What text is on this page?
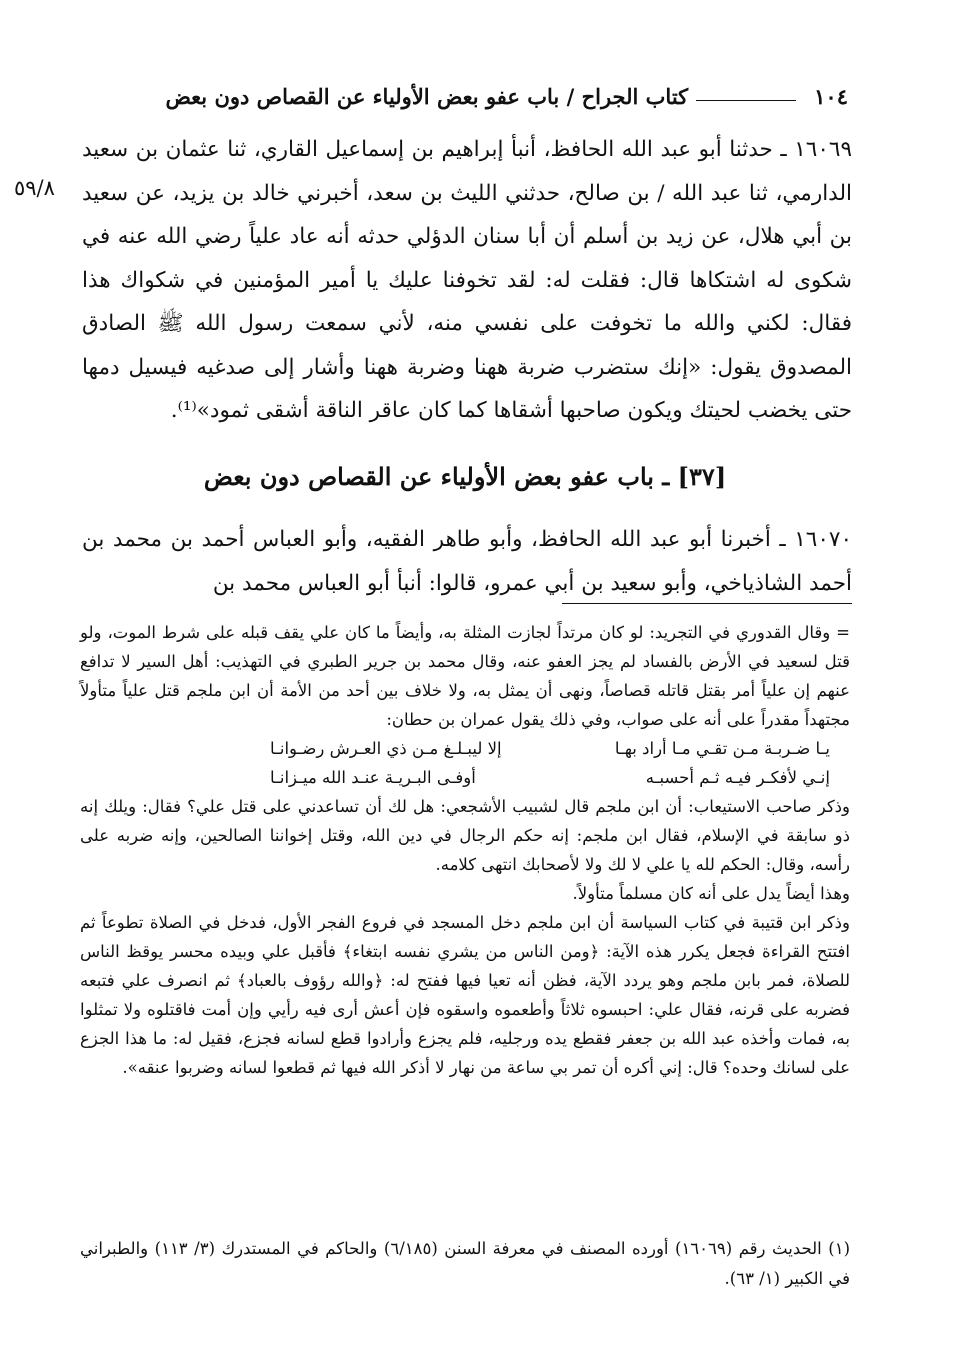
١٠٤
كتاب الجراح / باب عفو بعض الأولياء عن القصاص دون بعض
٥٩/٨

١٦٠٦٩ ـ حدثنا أبو عبد الله الحافظ، أنبأ إبراهيم بن إسماعيل القاري، ثنا عثمان بن سعيد الدارمي، ثنا عبد الله / بن صالح، حدثني الليث بن سعد، أخبرني خالد بن يزيد، عن سعيد بن أبي هلال، عن زيد بن أسلم أن أبا سنان الدؤلي حدثه أنه عاد علياً رضي الله عنه في شكوى له اشتكاها قال: فقلت له: لقد تخوفنا عليك يا أمير المؤمنين في شكواك هذا فقال: لكني والله ما تخوفت على نفسي منه، لأني سمعت رسول الله ﷺ الصادق المصدوق يقول: «إنك ستضرب ضربة ههنا وضربة ههنا وأشار إلى صدغيه فيسيل دمها حتى يخضب لحيتك ويكون صاحبها أشقاها كما كان عاقر الناقة أشقى ثمود»⁽¹⁾.

[٣٧] ـ باب عفو بعض الأولياء عن القصاص دون بعض

١٦٠٧٠ ـ أخبرنا أبو عبد الله الحافظ، وأبو طاهر الفقيه، وأبو العباس أحمد بن محمد بن أحمد الشاذياخي، وأبو سعيد بن أبي عمرو، قالوا: أنبأ أبو العباس محمد بن

= وقال القدوري في التجريد: لو كان مرتداً لجازت المثلة به، وأيضاً ما كان علي يقف قبله على شرط الموت، ولو قتل لسعيد في الأرض بالفساد لم يجز العفو عنه، وقال محمد بن جرير الطبري في التهذيب: أهل السير لا تدافع عنهم إن علياً أمر بقتل قاتله قصاصاً، ونهى أن يمثل به، ولا خلاف بين أحد من الأمة أن ابن ملجم قتل علياً متأولاً مجتهداً مقدراً على أنه على صواب، وفي ذلك يقول عمران بن حطان:

يـا ضـربـة مـن تقـي مـا أراد بهـا
إلا ليبـلـغ مـن ذي العـرش رضـوانـا
إنـي لأفكـر فيـه ثـم أحسبـه
أوفـى البـريـة عنـد الله ميـزانـا

وذكر صاحب الاستيعاب: أن ابن ملجم قال لشبيب الأشجعي: هل لك أن تساعدني على قتل علي؟ فقال: ويلك إنه ذو سابقة في الإسلام، فقال ابن ملجم: إنه حكم الرجال في دين الله، وقتل إخواننا الصالحين، وإنه ضربه على رأسه، وقال: الحكم لله يا علي لا لك ولا لأصحابك انتهى كلامه.

وهذا أيضاً يدل على أنه كان مسلماً متأولاً.

وذكر ابن قتيبة في كتاب السياسة أن ابن ملجم دخل المسجد في فروع الفجر الأول، فدخل في الصلاة تطوعاً ثم افتتح القراءة فجعل يكرر هذه الآية: ﴿ومن الناس من يشري نفسه ابتغاء﴾ فأقبل علي وبيده محسر يوقظ الناس للصلاة، فمر بابن ملجم وهو يردد الآية، فظن أنه تعيا فيها ففتح له: ﴿والله رؤوف بالعباد﴾ ثم انصرف علي فتبعه فضربه على قرنه، فقال علي: احبسوه ثلاثاً وأطعموه واسقوه فإن أعش أرى فيه رأيي وإن أمت فاقتلوه ولا تمثلوا به، فمات وأخذه عبد الله بن جعفر فقطع يده ورجليه، فلم يجزع وأرادوا قطع لسانه فجزع، فقيل له: ما هذا الجزع على لسانك وحده؟ قال: إني أكره أن تمر بي ساعة من نهار لا أذكر الله فيها ثم قطعوا لسانه وضربوا عنقه».

(١) الحديث رقم (١٦٠٦٩) أورده المصنف في معرفة السنن (٦/١٨٥) والحاكم في المستدرك (٣/ ١١٣) والطبراني في الكبير (١/ ٦٣).
